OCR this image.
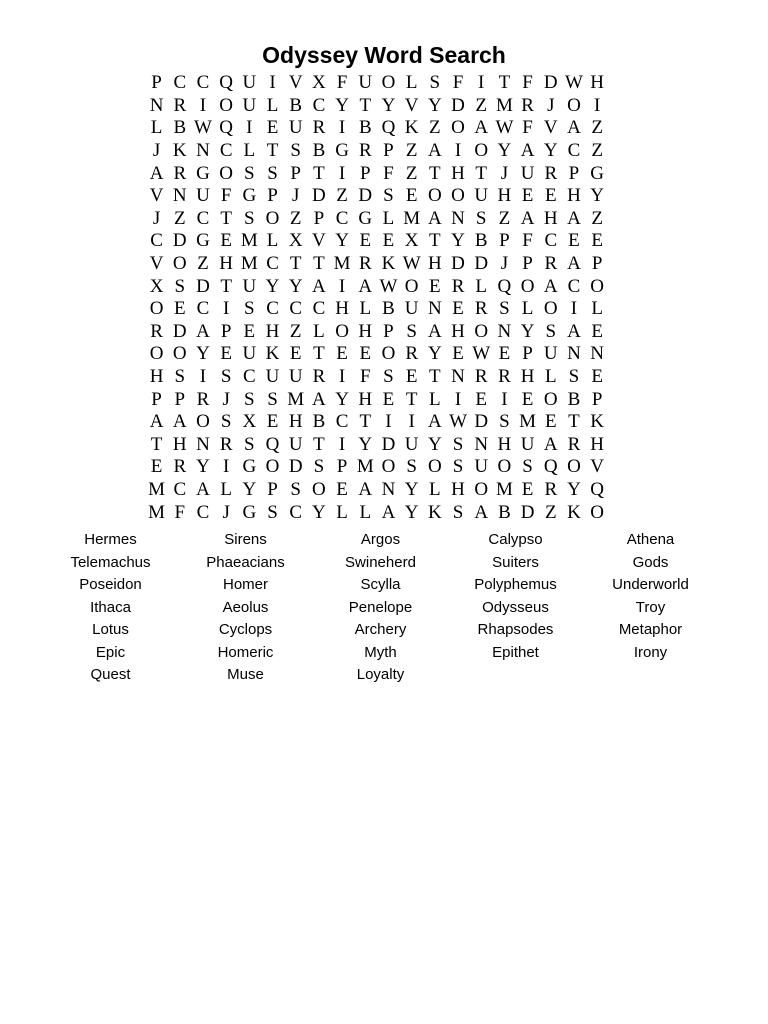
Odyssey Word Search
P C C Q U I V X F U O L S F I T F D W H
N R I O U L B C Y T Y V Y D Z M R J O I
L B W Q I E U R I B Q K Z O A W F V A Z
J K N C L T S B G R P Z A I O Y A Y C Z
A R G O S S P T I P F Z T H T J U R P G
V N U F G P J D Z D S E O O U H E E H Y
J Z C T S O Z P C G L M A N S Z A H A Z
C D G E M L X V Y E E X T Y B P F C E E
V O Z H M C T T M R K W H D D J P R A P
X S D T U Y Y A I A W O E R L Q O A C O
O E C I S C C C H L B U N E R S L O I L
R D A P E H Z L O H P S A H O N Y S A E
O O Y E U K E T E E O R Y E W E P U N N
H S I S C U U R I F S E T N R R H L S E
P P R J S S M A Y H E T L I E I E O B P
A A O S X E H B C T I I A W D S M E T K
T H N R S Q U T I Y D U Y S N H U A R H
E R Y I G O D S P M O S O S U O S Q O V
M C A L Y P S O E A N Y L H O M E R Y Q
M F C J G S C Y L L A Y K S A B D Z K O
Hermes	Sirens	Argos	Calypso	Athena
Telemachus	Phaeacians	Swineherd	Suiters	Gods
Poseidon	Homer	Scylla	Polyphemus	Underworld
Ithaca	Aeolus	Penelope	Odysseus	Troy
Lotus	Cyclops	Archery	Rhapsodes	Metaphor
Epic	Homeric	Myth	Epithet	Irony
Quest	Muse	Loyalty
